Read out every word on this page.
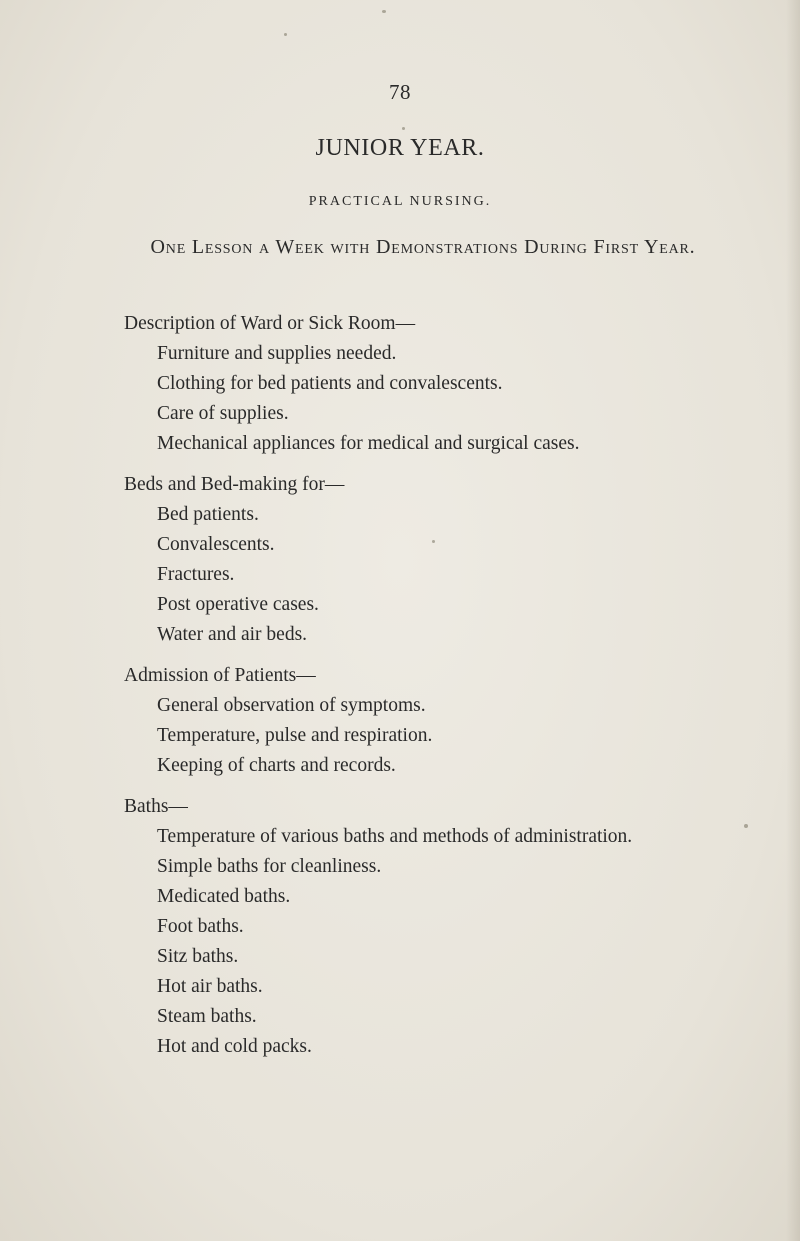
78
JUNIOR YEAR.
PRACTICAL NURSING.
One Lesson a Week with Demonstrations During First Year.
Description of Ward or Sick Room—
Furniture and supplies needed.
Clothing for bed patients and convalescents.
Care of supplies.
Mechanical appliances for medical and surgical cases.
Beds and Bed-making for—
Bed patients.
Convalescents.
Fractures.
Post operative cases.
Water and air beds.
Admission of Patients—
General observation of symptoms.
Temperature, pulse and respiration.
Keeping of charts and records.
Baths—
Temperature of various baths and methods of administration.
Simple baths for cleanliness.
Medicated baths.
Foot baths.
Sitz baths.
Hot air baths.
Steam baths.
Hot and cold packs.
